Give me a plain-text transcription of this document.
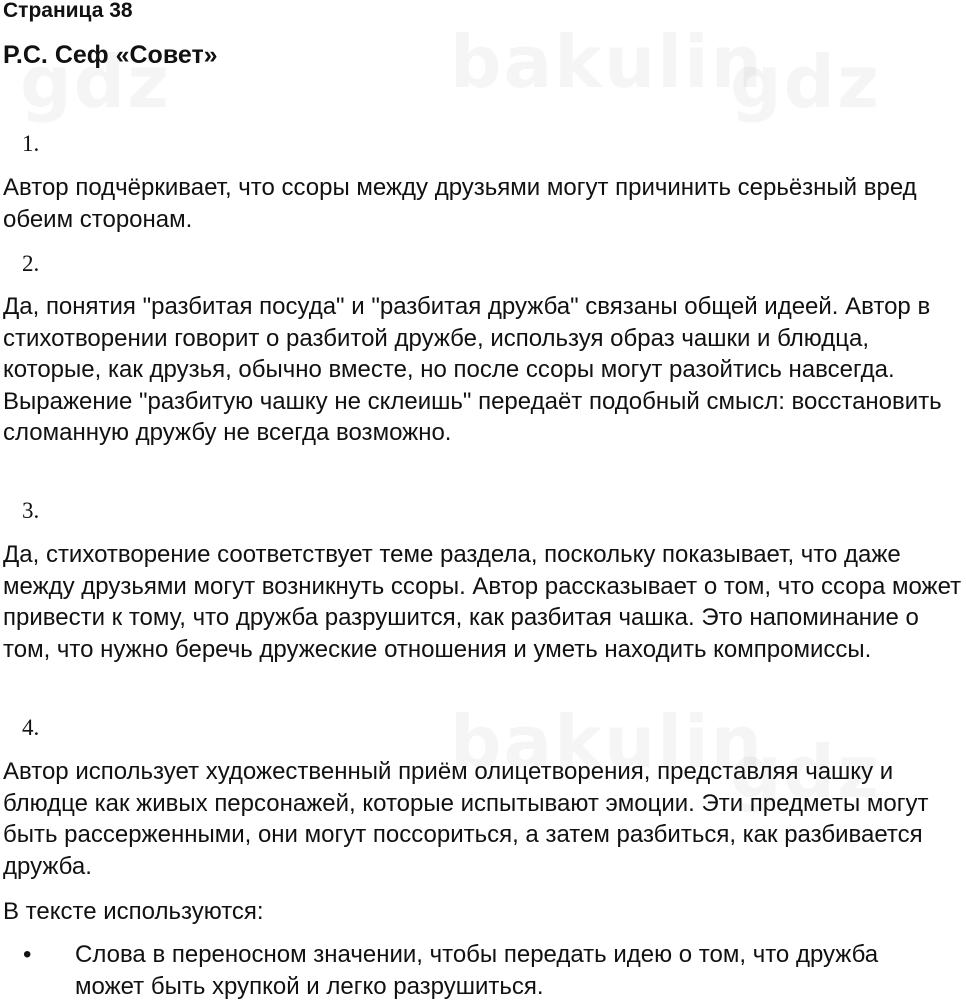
Страница 38
Р.С. Сеф «Совет»
1.

Автор подчёркивает, что ссоры между друзьями могут причинить серьёзный вред обеим сторонам.

2.

Да, понятия "разбитая посуда" и "разбитая дружба" связаны общей идеей. Автор в стихотворении говорит о разбитой дружбе, используя образ чашки и блюдца, которые, как друзья, обычно вместе, но после ссоры могут разойтись навсегда. Выражение "разбитую чашку не склеишь" передаёт подобный смысл: восстановить сломанную дружбу не всегда возможно.

3.

Да, стихотворение соответствует теме раздела, поскольку показывает, что даже между друзьями могут возникнуть ссоры. Автор рассказывает о том, что ссора может привести к тому, что дружба разрушится, как разбитая чашка. Это напоминание о том, что нужно беречь дружеские отношения и уметь находить компромиссы.

4.

Автор использует художественный приём олицетворения, представляя чашку и блюдце как живых персонажей, которые испытывают эмоции. Эти предметы могут быть рассерженными, они могут поссориться, а затем разбиться, как разбивается дружба.

В тексте используются:

• Слова в переносном значении, чтобы передать идею о том, что дружба может быть хрупкой и легко разрушиться.
